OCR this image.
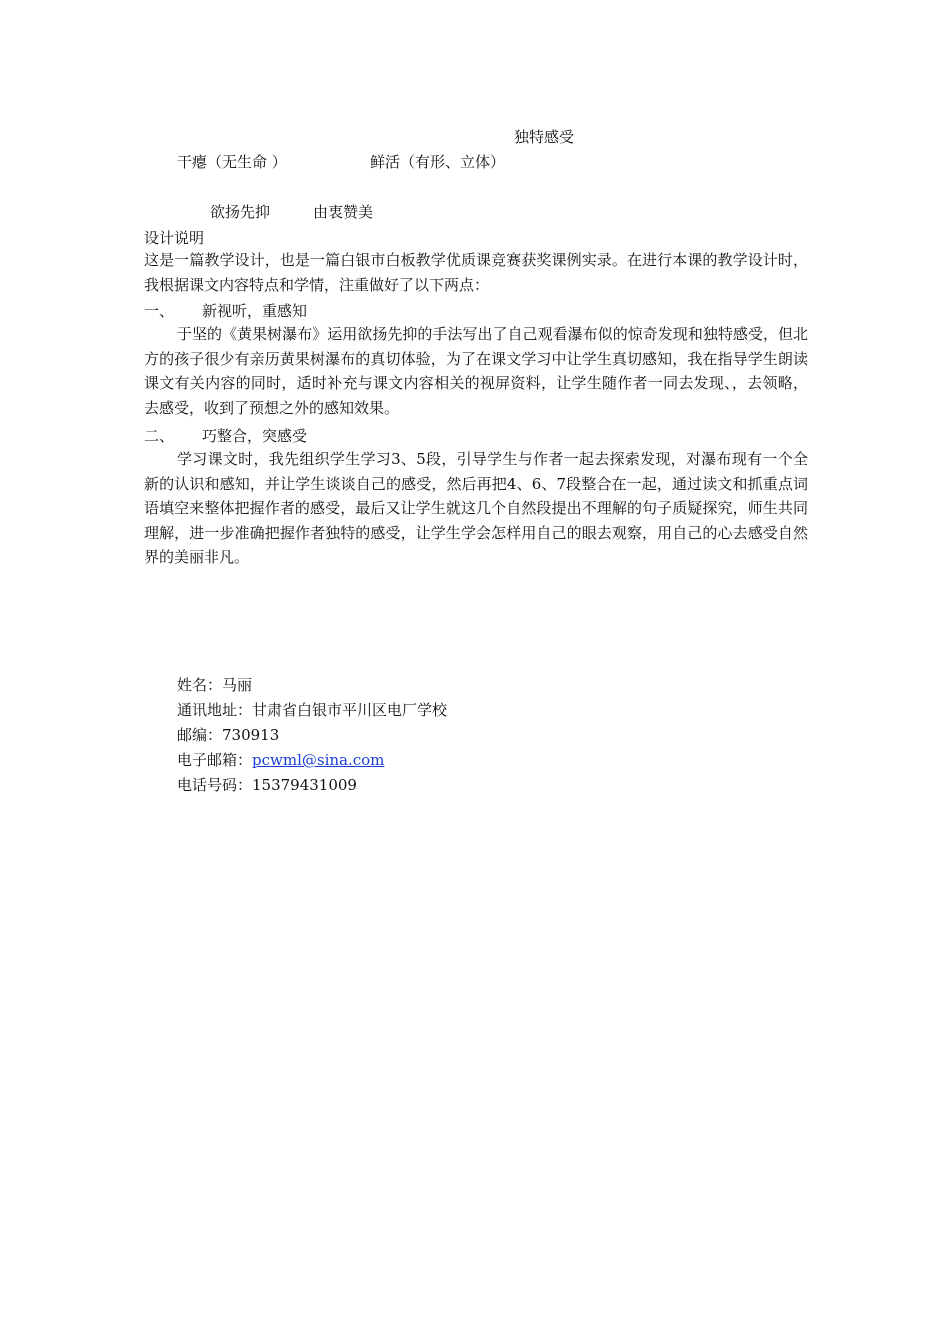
独特感受
干瘪（无生命 ）	鲜活（有形、立体）
欲扬先抑	由衷赞美
设计说明
这是一篇教学设计，也是一篇白银市白板教学优质课竞赛获奖课例实录。在进行本课的教学设计时，我根据课文内容特点和学情，注重做好了以下两点：
一、 新视听，重感知
于坚的《黄果树瀑布》运用欲扬先抑的手法写出了自己观看瀑布似的惊奇发现和独特感受，但北方的孩子很少有亲历黄果树瀑布的真切体验，为了在课文学习中让学生真切感知，我在指导学生朗读课文有关内容的同时，适时补充与课文内容相关的视屏资料，让学生随作者一同去发现、，去领略，去感受，收到了预想之外的感知效果。
二、 巧整合，突感受
学习课文时，我先组织学生学习3、5段，引导学生与作者一起去探索发现，对瀑布现有一个全新的认识和感知，并让学生谈谈自己的感受，然后再把4、6、7段整合在一起，通过读文和抓重点词语填空来整体把握作者的感受，最后又让学生就这几个自然段提出不理解的句子质疑探究，师生共同理解，进一步准确把握作者独特的感受，让学生学会怎样用自己的眼去观察，用自己的心去感受自然界的美丽非凡。
姓名：马丽
通讯地址：甘肃省白银市平川区电厂学校
邮编：730913
电子邮箱：pcwml@sina.com
电话号码：15379431009
